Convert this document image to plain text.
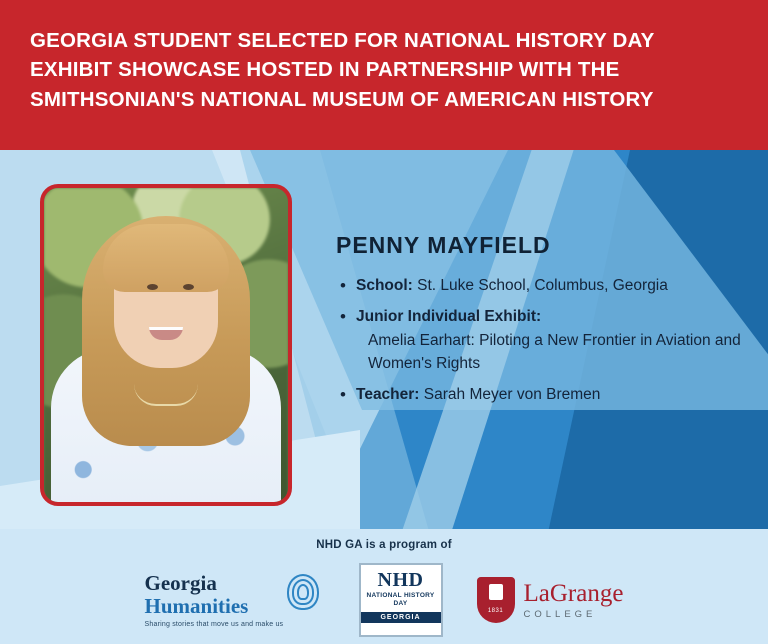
GEORGIA STUDENT SELECTED FOR NATIONAL HISTORY DAY EXHIBIT SHOWCASE HOSTED IN PARTNERSHIP WITH THE SMITHSONIAN'S NATIONAL MUSEUM OF AMERICAN HISTORY
PENNY MAYFIELD
• School: St. Luke School, Columbus, Georgia
• Junior Individual Exhibit:
Amelia Earhart: Piloting a New Frontier in Aviation and Women's Rights
• Teacher: Sarah Meyer von Bremen
NHD GA is a program of
Georgia
Humanities
Sharing stories that move us and make us
NHD
NATIONAL HISTORY DAY
GEORGIA
1831
LaGrange
COLLEGE
